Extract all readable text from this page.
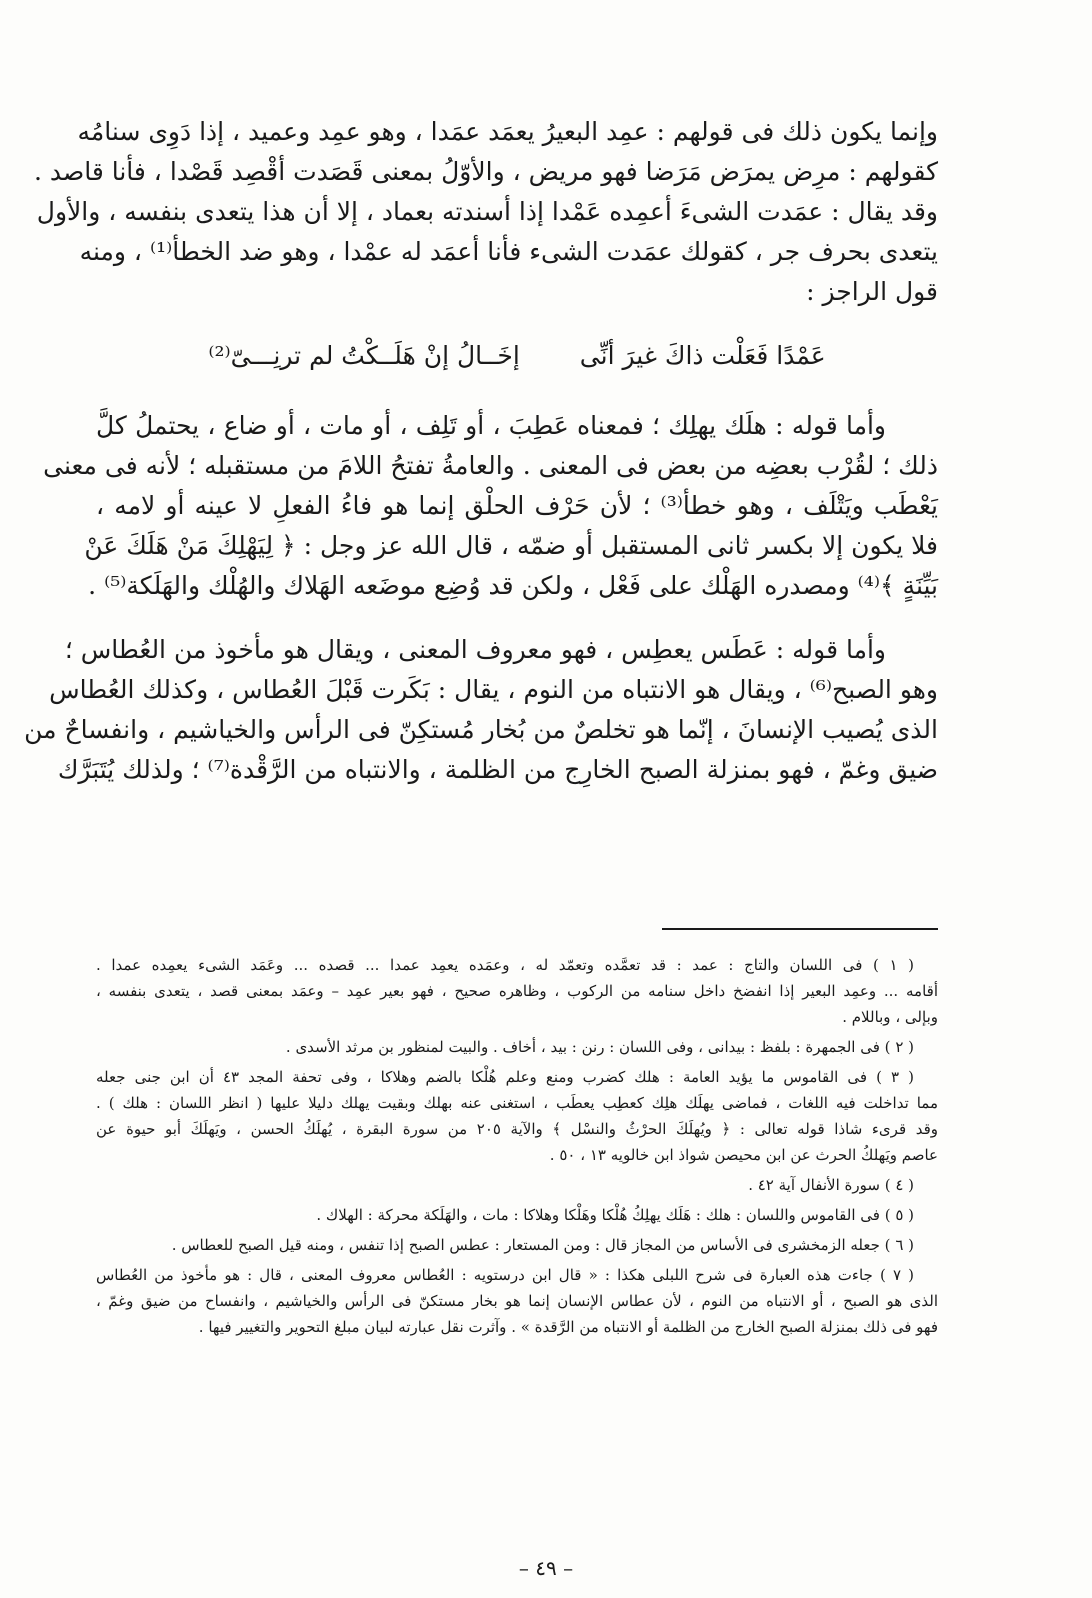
وإنما يكون ذلك فى قولهم : عمِد البعيرُ يعمَد عمَدا ، وهو عمِد وعميد ، إذا دَوِى سنامُه
كقولهم : مرِض يمرَض مَرَضا فهو مريض ، والأوّلُ بمعنى قَصَدت أقْصِد قَصْدا ، فأنا قاصد .
وقد يقال : عمَدت الشىءَ أعمِده عَمْدا إذا أسندته بعماد ، إلا أن هذا يتعدى بنفسه ، والأول
يتعدى بحرف جر ، كقولك عمَدت الشىء فأنا أعمَد له عمْدا ، وهو ضد الخطأ⁽¹⁾ ، ومنه
قول الراجز :
عَمْدًا فَعَلْت ذاكَ غيرَ أنِّى
إخَــالُ إنْ هَلَــكْتُ لم ترنِـــىّ⁽²⁾
وأما قوله : هلَك يهلِك ؛ فمعناه عَطِبَ ، أو تَلِف ، أو مات ، أو ضاع ، يحتملُ كلَّ
ذلك ؛ لقُرْب بعضِه من بعض فى المعنى . والعامةُ تفتحُ اللامَ من مستقبله ؛ لأنه فى معنى
يَعْطَب ويَتْلَف ، وهو خطأ⁽³⁾ ؛ لأن حَرْف الحلْق إنما هو فاءُ الفعلِ لا عينه أو لامه ،
فلا يكون إلا بكسر ثانى المستقبل أو ضمّه ، قال الله عز وجل : ﴿ لِيَهْلِكَ مَنْ هَلَكَ عَنْ
بَيِّنَةٍ ﴾⁽⁴⁾ ومصدره الهَلْك على فَعْل ، ولكن قد وُضِع موضَعه الهَلاك والهُلْك والهَلَكة⁽⁵⁾ .
وأما قوله : عَطَس يعطِس ، فهو معروف المعنى ، ويقال هو مأخوذ من العُطاس ؛
وهو الصبح⁽⁶⁾ ، ويقال هو الانتباه من النوم ، يقال : بَكَرت قَبْلَ العُطاس ، وكذلك العُطاس
الذى يُصيب الإنسانَ ، إنّما هو تخلصٌ من بُخار مُستكِنّ فى الرأس والخياشيم ، وانفساحٌ من
ضيق وغمّ ، فهو بمنزلة الصبح الخارِج من الظلمة ، والانتباه من الرَّقْدة⁽⁷⁾ ؛ ولذلك يُتَبَرَّك
( ١ ) فى اللسان والتاج : عمد : قد تعمَّده وتعمّد له ، وعمَده يعمِد عمدا ... قصده ... وعَمَد الشىء يعمِده عمدا .
أقامه ... وعمِد البعير إذا انفضخ داخل سنامه من الركوب ، وظاهره صحيح ، فهو بعير عمِد – وعمَد بمعنى قصد ، يتعدى بنفسه ،
وبإلى ، وباللام .
( ٢ ) فى الجمهرة : بلفظ : بيدانى ، وفى اللسان : رنن : بيد ، أخاف . والبيت لمنظور بن مرثد الأسدى .
( ٣ ) فى القاموس ما يؤيد العامة : هلك كضرب ومنع وعلم هُلْكا بالضم وهلاكا ، وفى تحفة المجد ٤٣ أن ابن جنى جعله
مما تداخلت فيه اللغات ، فماضى يهلَك هلِك كعطِب يعطَب ، استغنى عنه بهلك وبقيت يهلك دليلا عليها ( انظر اللسان : هلك ) .
وقد قرىء شاذا قوله تعالى : ﴿ ويُهلَكَ الحرْثُ والنسْل ﴾ والآية ٢٠٥ من سورة البقرة ، يُهلَكُ الحسن ، ويَهلَكَ أبو حيوة عن
عاصم ويَهلكُ الحرث عن ابن محيصن شواذ ابن خالويه ١٣ ، ٥٠ .
( ٤ ) سورة الأنفال آية ٤٢ .
( ٥ ) فى القاموس واللسان : هلك : هَلَك يهلِكُ هُلْكا وهَلْكا وهلاكا : مات ، والهَلَكة محركة : الهلاك .
( ٦ ) جعله الزمخشرى فى الأساس من المجاز قال : ومن المستعار : عطس الصبح إذا تنفس ، ومنه قيل الصبح للعطاس .
( ٧ ) جاءت هذه العبارة فى شرح اللبلى هكذا : « قال ابن درستويه : العُطاس معروف المعنى ، قال : هو مأخوذ من العُطاس
الذى هو الصبح ، أو الانتباه من النوم ، لأن عطاس الإنسان إنما هو بخار مستكنّ فى الرأس والخياشيم ، وانفساح من ضيق وغمّ ،
فهو فى ذلك بمنزلة الصبح الخارج من الظلمة أو الانتباه من الرَّقدة » . وآثرت نقل عبارته لبيان مبلغ التحوير والتغيير فيها .
– ٤٩ –
